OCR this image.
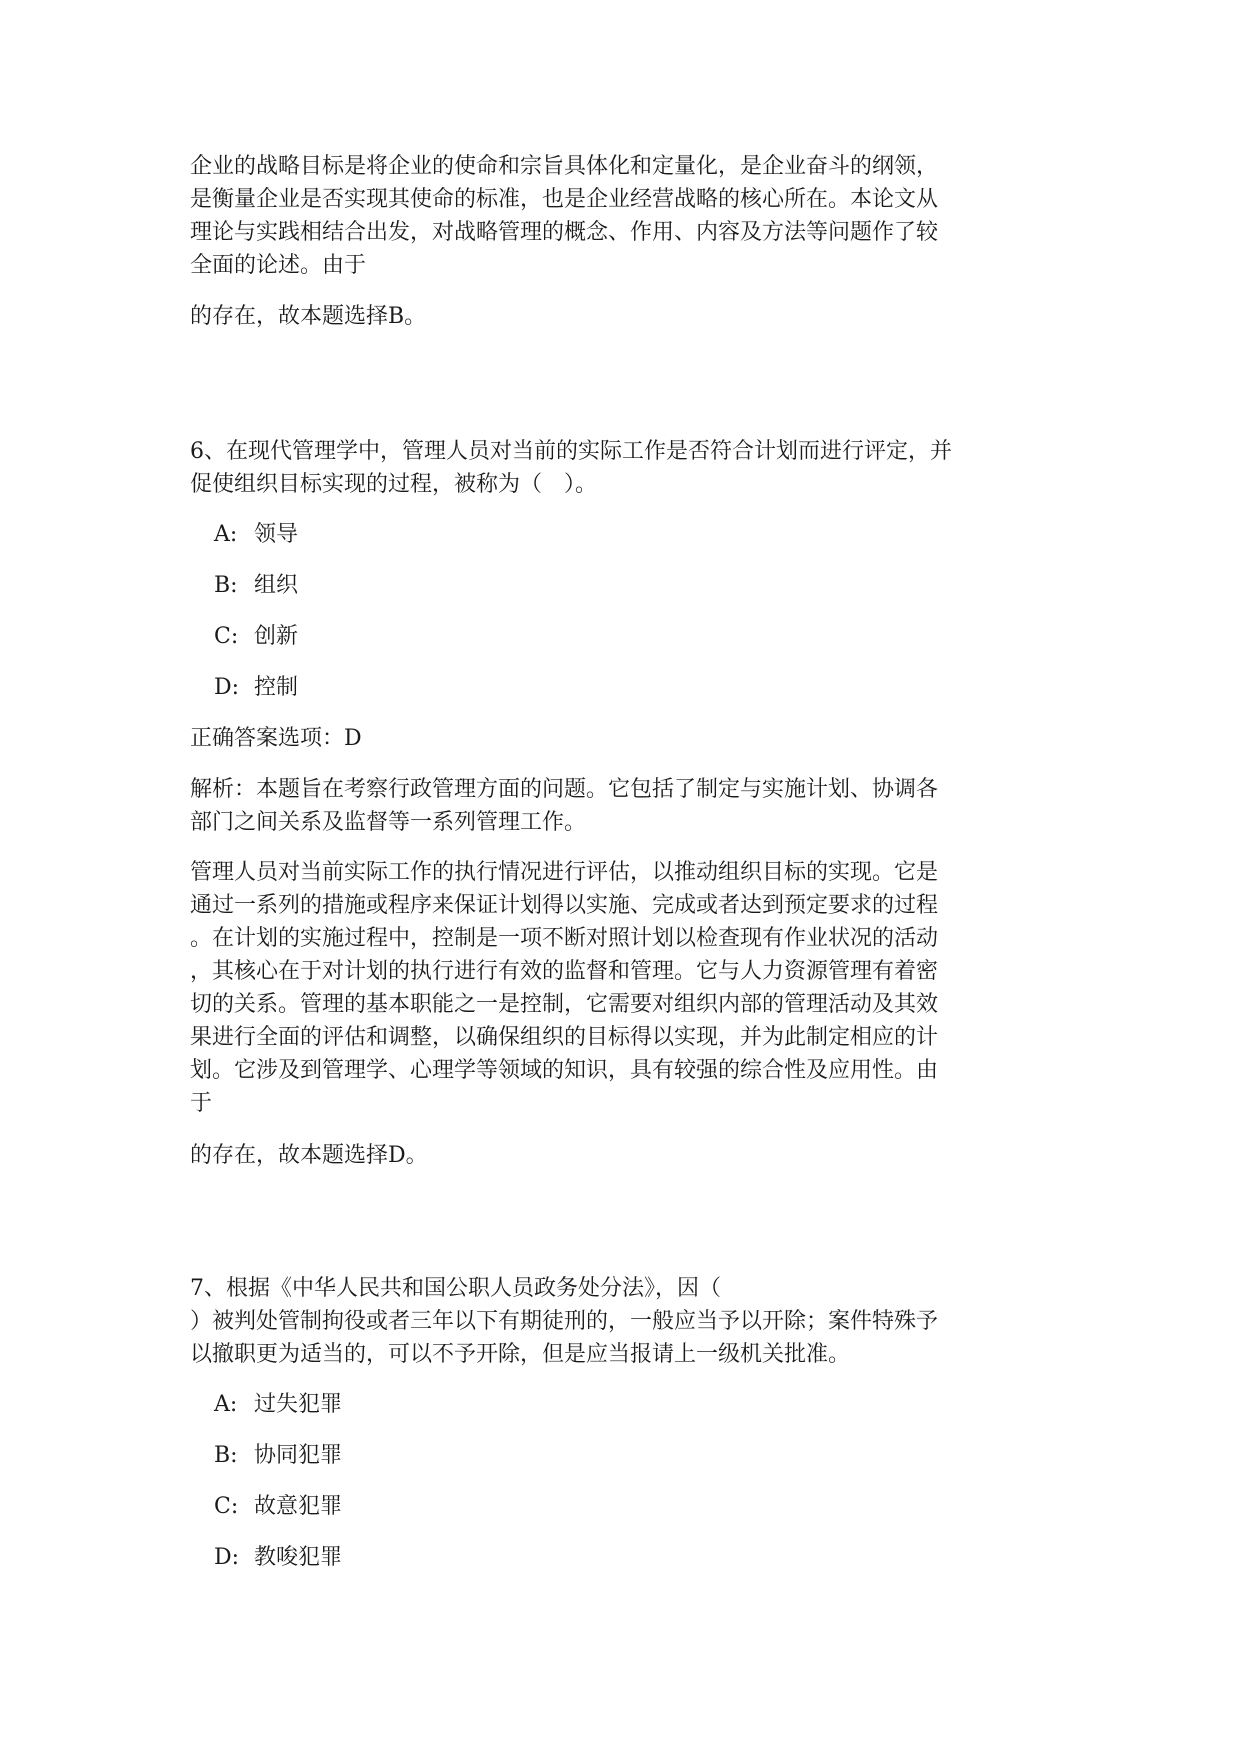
企业的战略目标是将企业的使命和宗旨具体化和定量化，是企业奋斗的纲领，
是衡量企业是否实现其使命的标准，也是企业经营战略的核心所在。本论文从
理论与实践相结合出发，对战略管理的概念、作用、内容及方法等问题作了较
全面的论述。由于
的存在，故本题选择B。
6、在现代管理学中，管理人员对当前的实际工作是否符合计划而进行评定，并
促使组织目标实现的过程，被称为（　）。
A: 领导
B: 组织
C: 创新
D: 控制
正确答案选项：D
解析：本题旨在考察行政管理方面的问题。它包括了制定与实施计划、协调各
部门之间关系及监督等一系列管理工作。
管理人员对当前实际工作的执行情况进行评估，以推动组织目标的实现。它是
通过一系列的措施或程序来保证计划得以实施、完成或者达到预定要求的过程
。在计划的实施过程中，控制是一项不断对照计划以检查现有作业状况的活动
，其核心在于对计划的执行进行有效的监督和管理。它与人力资源管理有着密
切的关系。管理的基本职能之一是控制，它需要对组织内部的管理活动及其效
果进行全面的评估和调整，以确保组织的目标得以实现，并为此制定相应的计
划。它涉及到管理学、心理学等领域的知识，具有较强的综合性及应用性。由
于
的存在，故本题选择D。
7、根据《中华人民共和国公职人员政务处分法》，因（
）被判处管制拘役或者三年以下有期徒刑的，一般应当予以开除；案件特殊予
以撤职更为适当的，可以不予开除，但是应当报请上一级机关批准。
A: 过失犯罪
B: 协同犯罪
C: 故意犯罪
D: 教唆犯罪
